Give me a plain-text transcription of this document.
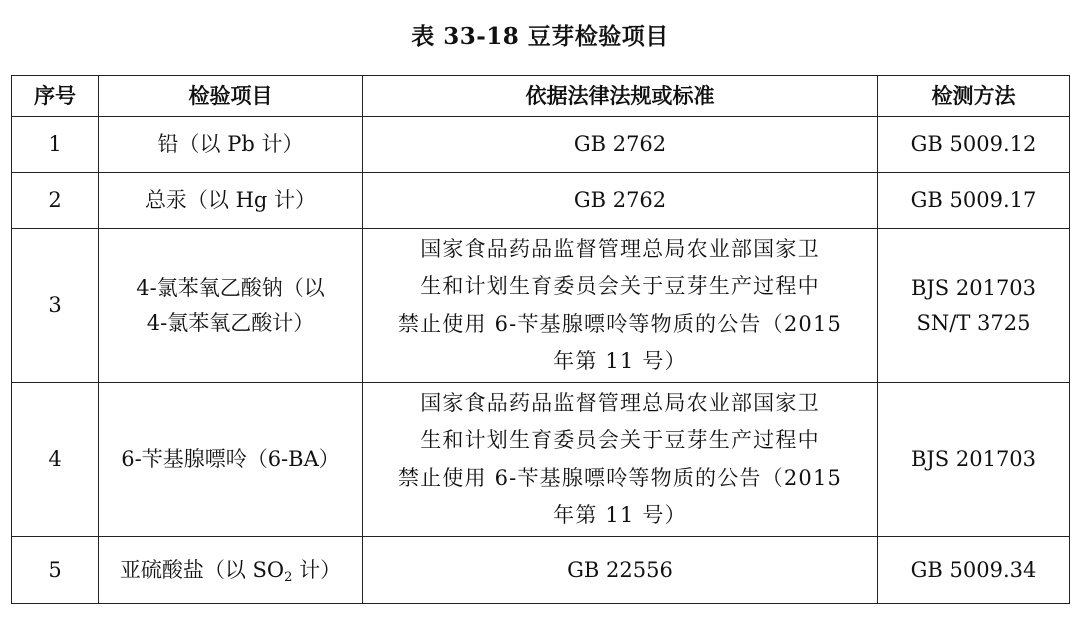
表 33-18 豆芽检验项目
序号	检验项目	依据法律法规或标准	检测方法
1	铅（以 Pb 计）	GB 2762	GB 5009.12

2	总汞（以 Hg 计）	GB 2762	GB 5009.17

3	4-氯苯氧乙酸钠（以
4-氯苯氧乙酸计）	国家食品药品监督管理总局农业部国家卫
生和计划生育委员会关于豆芽生产过程中
禁止使用 6-苄基腺嘌呤等物质的公告（2015
年第 11 号）	BJS 201703
SN/T 3725

4	6-苄基腺嘌呤（6-BA）	国家食品药品监督管理总局农业部国家卫
生和计划生育委员会关于豆芽生产过程中
禁止使用 6-苄基腺嘌呤等物质的公告（2015
年第 11 号）	BJS 201703

5	亚硫酸盐（以 $SO_2$ 计）	GB 22556	GB 5009.34
